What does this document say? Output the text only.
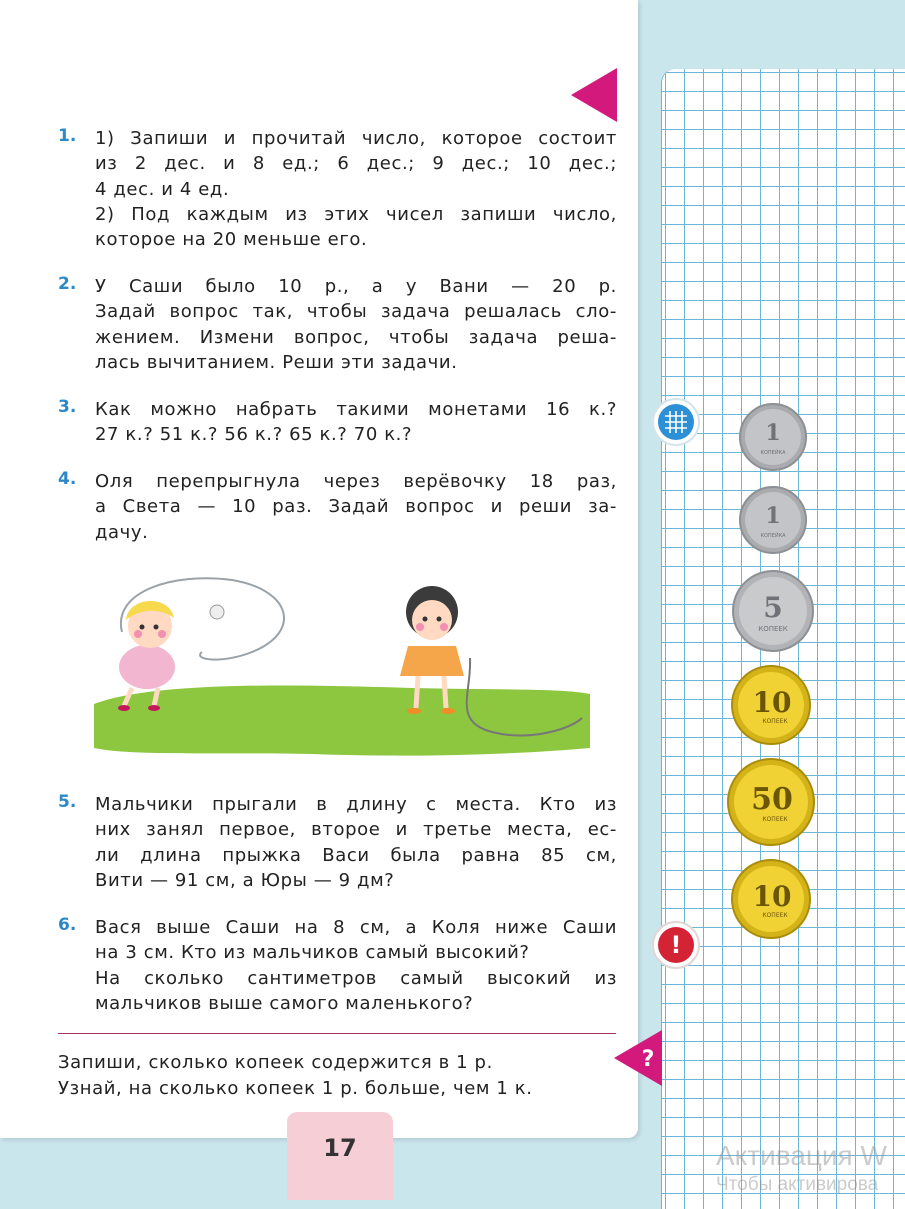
1. 1) Запиши и прочитай число, которое состоит
из 2 дес. и 8 ед.; 6 дес.; 9 дес.; 10 дес.;
4 дес. и 4 ед.
2) Под каждым из этих чисел запиши число,
которое на 20 меньше его.
2. У Саши было 10 р., а у Вани — 20 р.
Задай вопрос так, чтобы задача решалась сло-
жением. Измени вопрос, чтобы задача реша-
лась вычитанием. Реши эти задачи.
3. Как можно набрать такими монетами 16 к.?
27 к.? 51 к.? 56 к.? 65 к.? 70 к.?
4. Оля перепрыгнула через верёвочку 18 раз,
а Света — 10 раз. Задай вопрос и реши за-
дачу.
5. Мальчики прыгали в длину с места. Кто из
них занял первое, второе и третье места, ес-
ли длина прыжка Васи была равна 85 см,
Вити — 91 см, а Юры — 9 дм?
6. Вася выше Саши на 8 см, а Коля ниже Саши
на 3 см. Кто из мальчиков самый высокий?
На сколько сантиметров самый высокий из
мальчиков выше самого маленького?
Запиши, сколько копеек содержится в 1 р.
Узнай, на сколько копеек 1 р. больше, чем 1 к.
17
1
КОПЕЙКА
1
КОПЕЙКА
5
КОПЕЕК
10
КОПЕЕК
50
КОПЕЕК
10
КОПЕЕК
!
?
Активация W
Чтобы активирова
